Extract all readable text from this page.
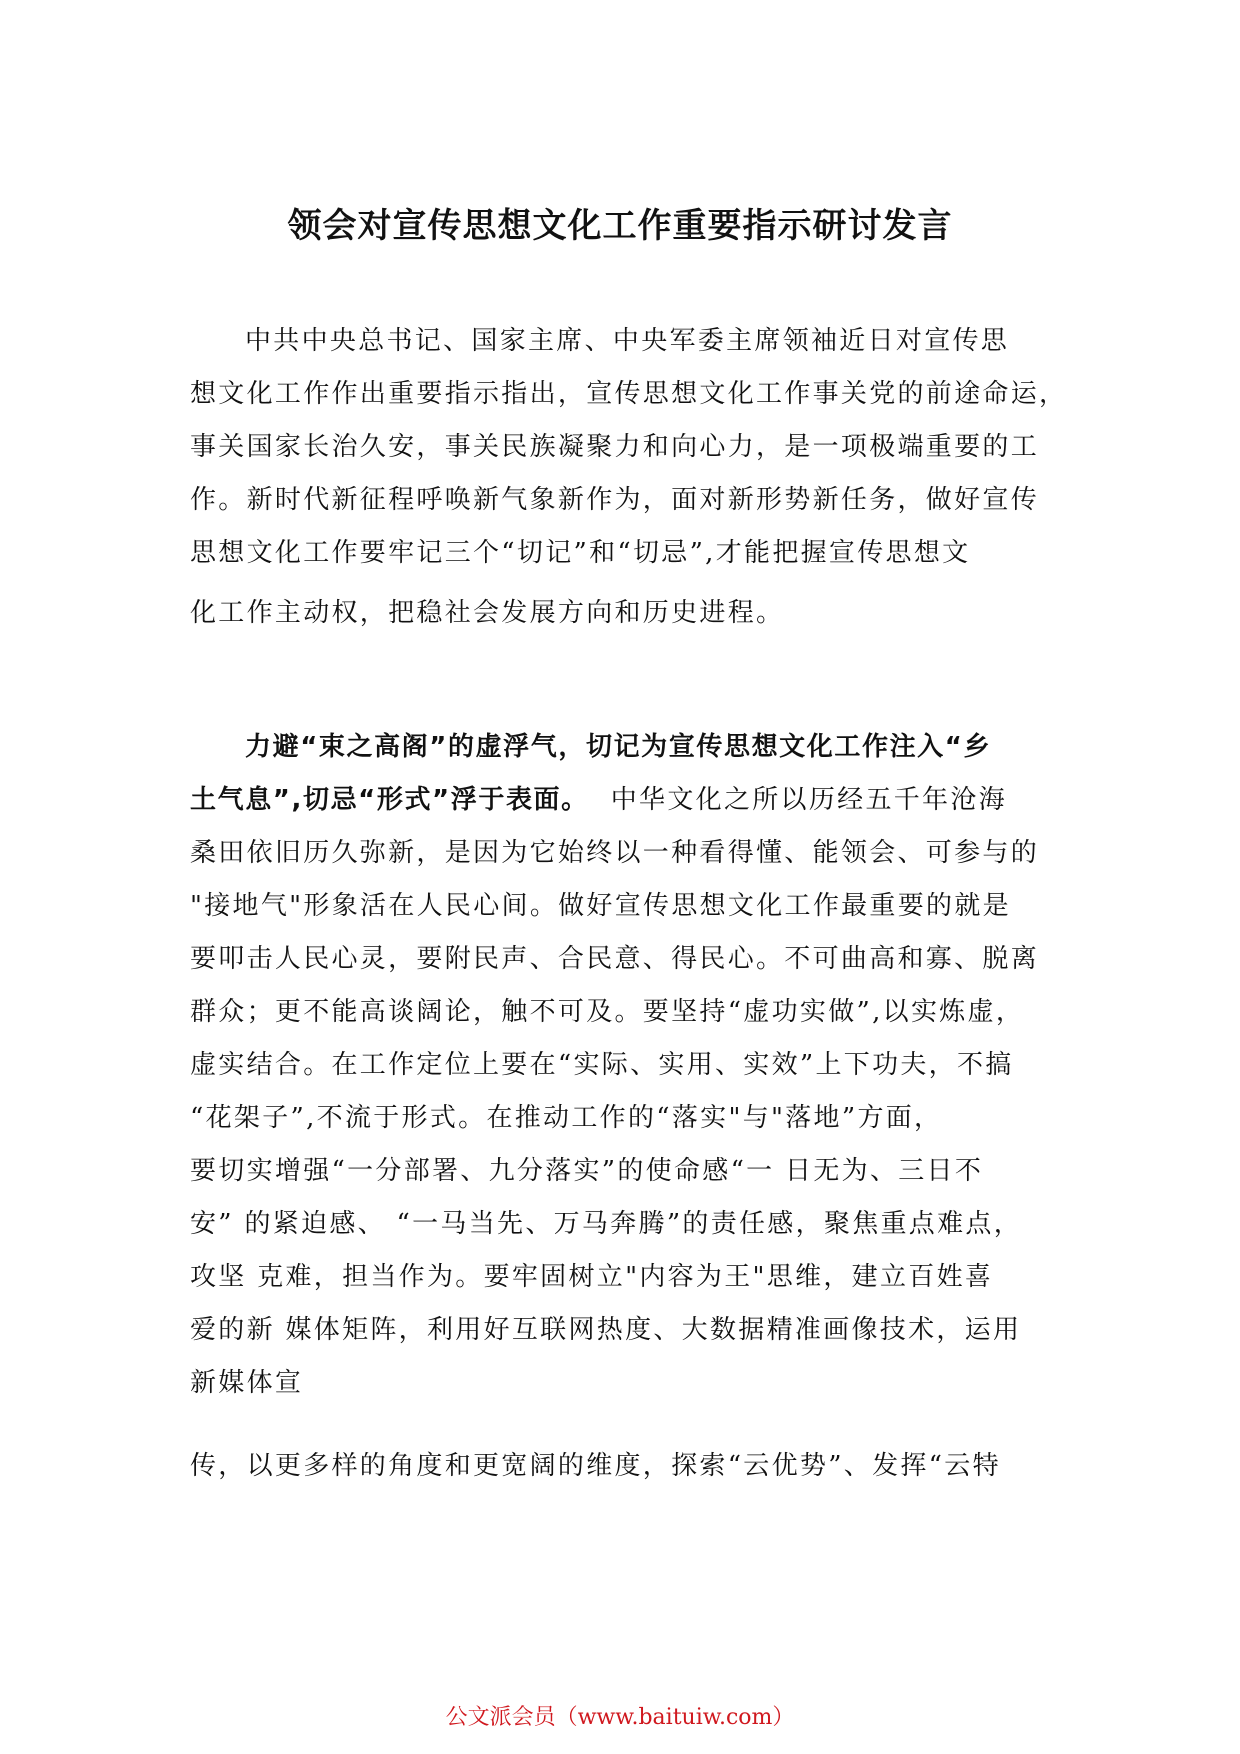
领会对宣传思想文化工作重要指示研讨发言

中共中央总书记、国家主席、中央军委主席领袖近日对宣传思

想文化工作作出重要指示指出，宣传思想文化工作事关党的前途命运，

事关国家长治久安，事关民族凝聚力和向心力，是一项极端重要的工

作。新时代新征程呼唤新气象新作为，面对新形势新任务，做好宣传

思想文化工作要牢记三个“切记”和“切忌”,才能把握宣传思想文

化工作主动权，把稳社会发展方向和历史进程。

力避“束之高阁”的虚浮气，切记为宣传思想文化工作注入“乡

土气息”,切忌“形式”浮于表面。 中华文化之所以历经五千年沧海

桑田依旧历久弥新，是因为它始终以一种看得懂、能领会、可参与的

"接地气"形象活在人民心间。做好宣传思想文化工作最重要的就是

要叩击人民心灵，要附民声、合民意、得民心。不可曲高和寡、脱离

群众；更不能高谈阔论，触不可及。要坚持“虚功实做”,以实炼虚，

虚实结合。在工作定位上要在“实际、实用、实效”上下功夫，不搞

“花架子”,不流于形式。在推动工作的“落实"与"落地”方面，

要切实增强“一分部署、九分落实”的使命感“一 日无为、三日不

安” 的紧迫感、 “一马当先、万马奔腾”的责任感，聚焦重点难点，

攻坚 克难，担当作为。要牢固树立"内容为王"思维，建立百姓喜

爱的新 媒体矩阵，利用好互联网热度、大数据精准画像技术，运用

新媒体宣

传，以更多样的角度和更宽阔的维度，探索“云优势”、发挥“云特

公文派会员（www.baituiw.com）
